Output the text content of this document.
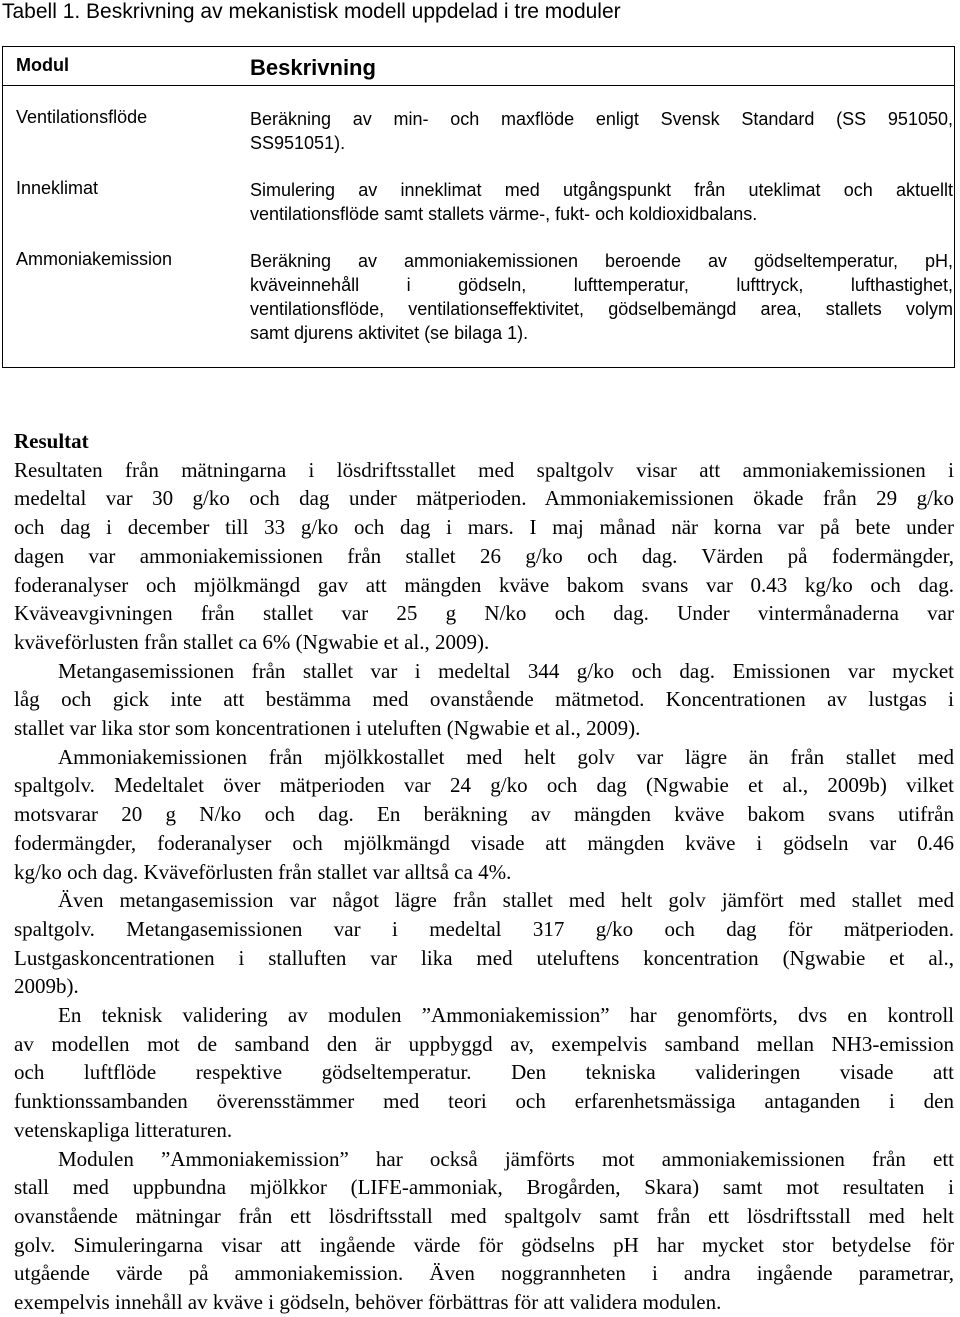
Tabell 1. Beskrivning av mekanistisk modell uppdelad i tre moduler
Modul	Beskrivning
Ventilationsflöde	Beräkning av min- och maxflöde enligt Svensk Standard (SS 951050,
SS951051).
Inneklimat	Simulering av inneklimat med utgångspunkt från uteklimat och aktuellt
ventilationsflöde samt stallets värme-, fukt- och koldioxidbalans.
Ammoniakemission	Beräkning av ammoniakemissionen beroende av gödseltemperatur, pH,
kväveinnehåll i gödseln, lufttemperatur, lufttryck, lufthastighet,
ventilationsflöde, ventilationseffektivitet, gödselbemängd area, stallets volym
samt djurens aktivitet (se bilaga 1).
Resultat
Resultaten från mätningarna i lösdriftsstallet med spaltgolv visar att ammoniakemissionen i
medeltal var 30 g/ko och dag under mätperioden. Ammoniakemissionen ökade från 29 g/ko
och dag i december till 33 g/ko och dag i mars. I maj månad när korna var på bete under
dagen var ammoniakemissionen från stallet 26 g/ko och dag. Värden på fodermängder,
foderanalyser och mjölkmängd gav att mängden kväve bakom svans var 0.43 kg/ko och dag.
Kväveavgivningen från stallet var 25 g N/ko och dag. Under vintermånaderna var
kväveförlusten från stallet ca 6% (Ngwabie et al., 2009).
Metangasemissionen från stallet var i medeltal 344 g/ko och dag. Emissionen var mycket
låg och gick inte att bestämma med ovanstående mätmetod. Koncentrationen av lustgas i
stallet var lika stor som koncentrationen i uteluften (Ngwabie et al., 2009).
Ammoniakemissionen från mjölkkostallet med helt golv var lägre än från stallet med
spaltgolv. Medeltalet över mätperioden var 24 g/ko och dag (Ngwabie et al., 2009b) vilket
motsvarar 20 g N/ko och dag. En beräkning av mängden kväve bakom svans utifrån
fodermängder, foderanalyser och mjölkmängd visade att mängden kväve i gödseln var 0.46
kg/ko och dag. Kväveförlusten från stallet var alltså ca 4%.
Även metangasemission var något lägre från stallet med helt golv jämfört med stallet med
spaltgolv. Metangasemissionen var i medeltal 317 g/ko och dag för mätperioden.
Lustgaskoncentrationen i stalluften var lika med uteluftens koncentration (Ngwabie et al.,
2009b).
En teknisk validering av modulen ”Ammoniakemission” har genomförts, dvs en kontroll
av modellen mot de samband den är uppbyggd av, exempelvis samband mellan NH3-emission
och luftflöde respektive gödseltemperatur. Den tekniska valideringen visade att
funktionssambanden överensstämmer med teori och erfarenhetsmässiga antaganden i den
vetenskapliga litteraturen.
Modulen ”Ammoniakemission” har också jämförts mot ammoniakemissionen från ett
stall med uppbundna mjölkkor (LIFE-ammoniak, Brogården, Skara) samt mot resultaten i
ovanstående mätningar från ett lösdriftsstall med spaltgolv samt från ett lösdriftsstall med helt
golv. Simuleringarna visar att ingående värde för gödselns pH har mycket stor betydelse för
utgående värde på ammoniakemission. Även noggrannheten i andra ingående parametrar,
exempelvis innehåll av kväve i gödseln, behöver förbättras för att validera modulen.
